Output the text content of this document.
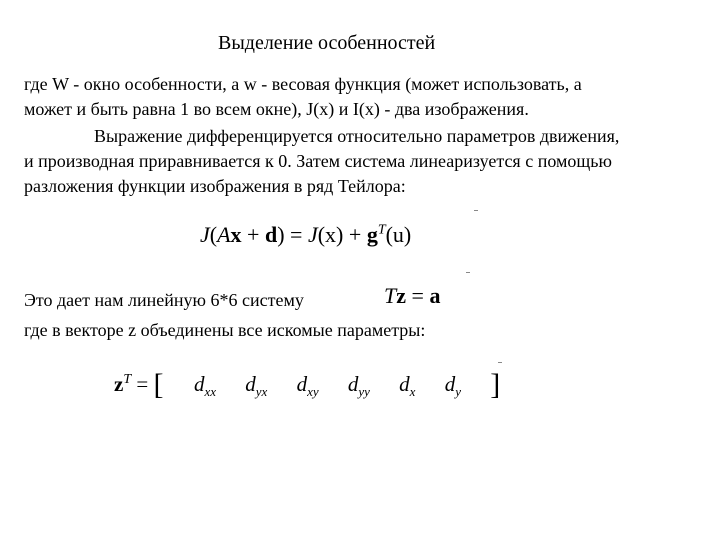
Выделение особенностей
где W - окно особенности, а w - весовая функция (может использовать, а
может и быть равна 1 во всем окне), J(x) и I(x) - два изображения.
Выражение дифференцируется относительно параметров движения,
и производная приравнивается к 0. Затем система линеаризуется с помощью
разложения функции изображения в ряд Тейлора:
$J(Ax + d) = J(x) + g^T(u)$
Это дает нам линейную 6*6 систему	Tz = a
где в векторе z объединены все искомые параметры:
$z^T$ = [ $d_{xx}$ $d_{yx}$ $d_{xy}$ $d_{yy}$ $d_x$ $d_y$ ]
